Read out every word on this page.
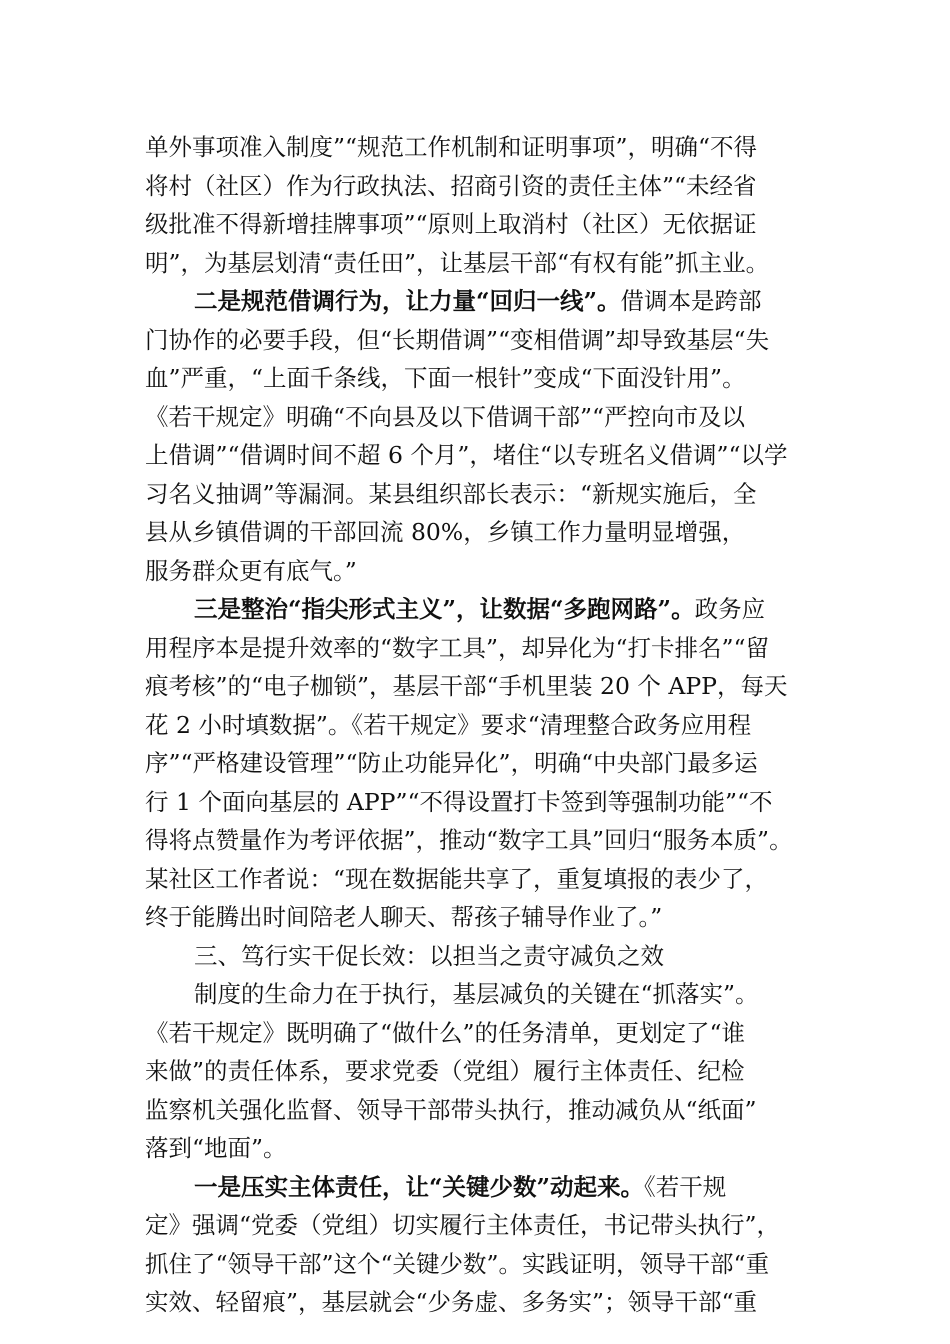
单外事项准入制度”“规范工作机制和证明事项”，明确“不得
将村（社区）作为行政执法、招商引资的责任主体”“未经省
级批准不得新增挂牌事项”“原则上取消村（社区）无依据证
明”，为基层划清“责任田”，让基层干部“有权有能”抓主业。
二是规范借调行为，让力量“回归一线”。借调本是跨部
门协作的必要手段，但“长期借调”“变相借调”却导致基层“失
血”严重，“上面千条线，下面一根针”变成“下面没针用”。
《若干规定》明确“不向县及以下借调干部”“严控向市及以
上借调”“借调时间不超 6 个月”，堵住“以专班名义借调”“以学
习名义抽调”等漏洞。某县组织部长表示：“新规实施后，全
县从乡镇借调的干部回流 80%，乡镇工作力量明显增强，
服务群众更有底气。”
三是整治“指尖形式主义”，让数据“多跑网路”。政务应
用程序本是提升效率的“数字工具”，却异化为“打卡排名”“留
痕考核”的“电子枷锁”，基层干部“手机里装 20 个 APP，每天
花 2 小时填数据”。《若干规定》要求“清理整合政务应用程
序”“严格建设管理”“防止功能异化”，明确“中央部门最多运
行 1 个面向基层的 APP”“不得设置打卡签到等强制功能”“不
得将点赞量作为考评依据”，推动“数字工具”回归“服务本质”。
某社区工作者说：“现在数据能共享了，重复填报的表少了，
终于能腾出时间陪老人聊天、帮孩子辅导作业了。”
三、笃行实干促长效：以担当之责守减负之效
制度的生命力在于执行，基层减负的关键在“抓落实”。
《若干规定》既明确了“做什么”的任务清单，更划定了“谁
来做”的责任体系，要求党委（党组）履行主体责任、纪检
监察机关强化监督、领导干部带头执行，推动减负从“纸面”
落到“地面”。
一是压实主体责任，让“关键少数”动起来。《若干规
定》强调“党委（党组）切实履行主体责任，书记带头执行”，
抓住了“领导干部”这个“关键少数”。实践证明，领导干部“重
实效、轻留痕”，基层就会“少务虚、多务实”；领导干部“重
